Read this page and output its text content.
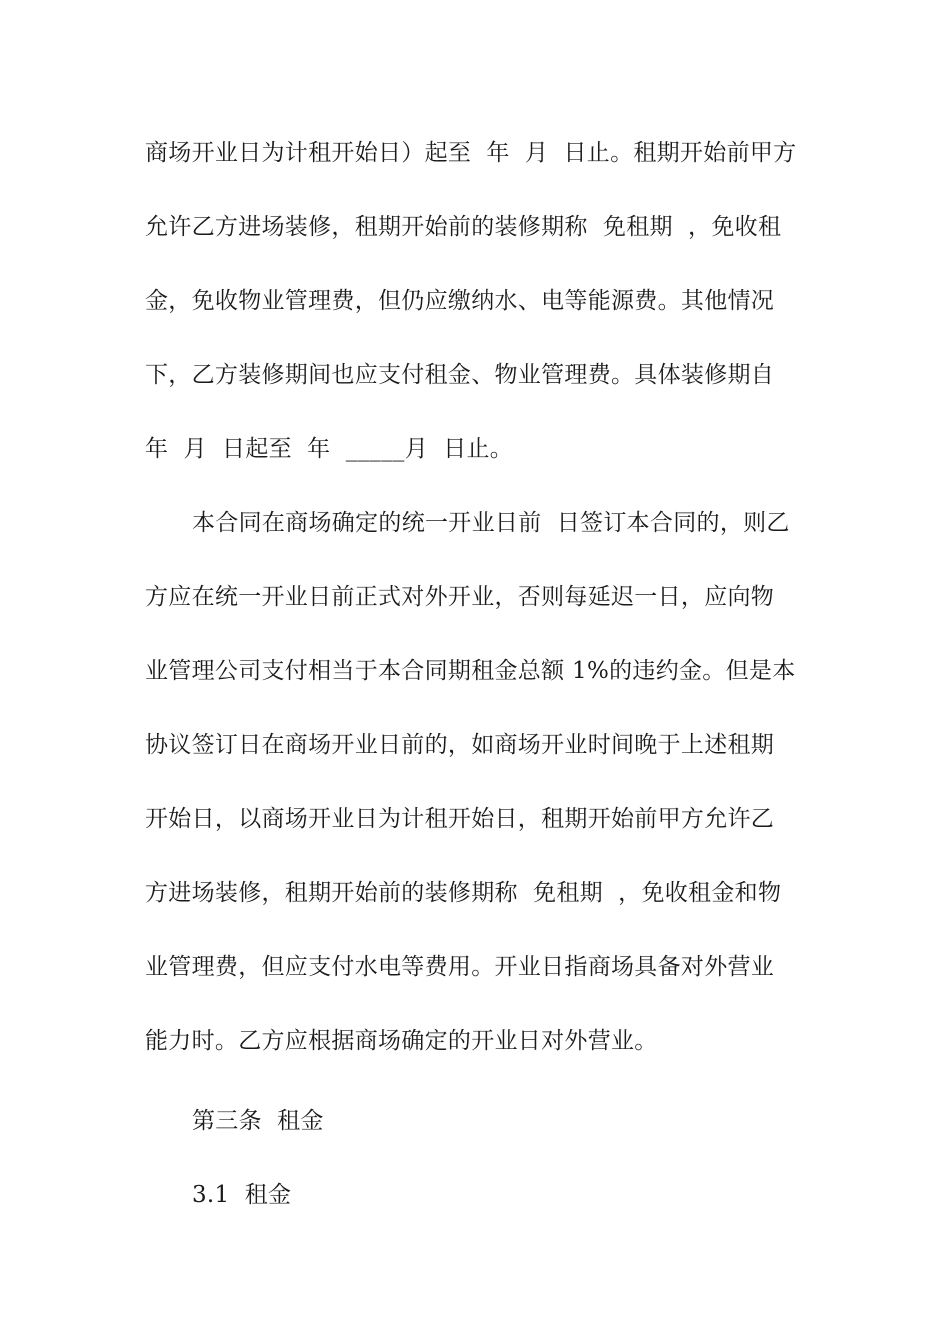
商场开业日为计租开始日）起至  年  月  日止。租期开始前甲方
允许乙方进场装修，租期开始前的装修期称  免租期  ，免收租
金，免收物业管理费，但仍应缴纳水、电等能源费。其他情况
下，乙方装修期间也应支付租金、物业管理费。具体装修期自
年  月  日起至  年  _____月  日止。
本合同在商场确定的统一开业日前  日签订本合同的，则乙
方应在统一开业日前正式对外开业，否则每延迟一日，应向物
业管理公司支付相当于本合同期租金总额 1%的违约金。但是本
协议签订日在商场开业日前的，如商场开业时间晚于上述租期
开始日，以商场开业日为计租开始日，租期开始前甲方允许乙
方进场装修，租期开始前的装修期称  免租期  ，免收租金和物
业管理费，但应支付水电等费用。开业日指商场具备对外营业
能力时。乙方应根据商场确定的开业日对外营业。
第三条  租金
3.1  租金
